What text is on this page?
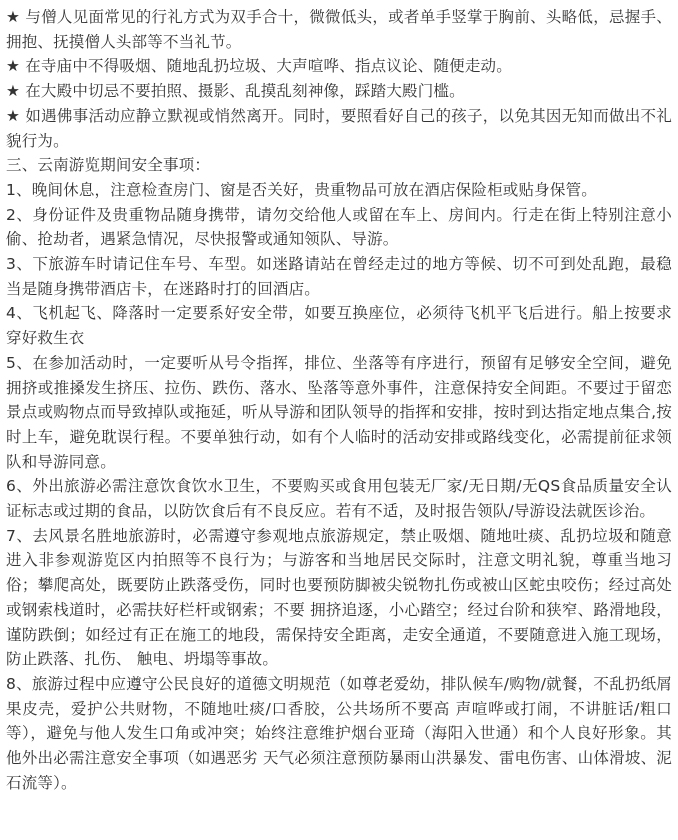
★ 与僧人见面常见的行礼方式为双手合十，微微低头，或者单手竖掌于胸前、头略低，忌握手、拥抱、抚摸僧人头部等不当礼节。

★ 在寺庙中不得吸烟、随地乱扔垃圾、大声喧哗、指点议论、随便走动。

★ 在大殿中切忌不要拍照、摄影、乱摸乱刻神像，踩踏大殿门槛。

★ 如遇佛事活动应静立默视或悄然离开。同时，要照看好自己的孩子，以免其因无知而做出不礼貌行为。

三、云南游览期间安全事项：

1、晚间休息，注意检查房门、窗是否关好，贵重物品可放在酒店保险柜或贴身保管。

2、身份证件及贵重物品随身携带，请勿交给他人或留在车上、房间内。行走在街上特别注意小偷、抢劫者，遇紧急情况，尽快报警或通知领队、导游。

3、下旅游车时请记住车号、车型。如迷路请站在曾经走过的地方等候、切不可到处乱跑，最稳当是随身携带酒店卡，在迷路时打的回酒店。

4、飞机起飞、降落时一定要系好安全带，如要互换座位，必须待飞机平飞后进行。船上按要求穿好救生衣

5、在参加活动时，一定要听从号令指挥，排位、坐落等有序进行，预留有足够安全空间，避免拥挤或推搡发生挤压、拉伤、跌伤、落水、坠落等意外事件，注意保持安全间距。不要过于留恋景点或购物点而导致掉队或拖延，听从导游和团队领导的指挥和安排，按时到达指定地点集合,按时上车，避免耽误行程。不要单独行动，如有个人临时的活动安排或路线变化，必需提前征求领队和导游同意。

6、外出旅游必需注意饮食饮水卫生，不要购买或食用包装无厂家/无日期/无QS食品质量安全认证标志或过期的食品，以防饮食后有不良反应。若有不适，及时报告领队/导游设法就医诊治。

7、去风景名胜地旅游时，必需遵守参观地点旅游规定，禁止吸烟、随地吐痰、乱扔垃圾和随意进入非参观游览区内拍照等不良行为；与游客和当地居民交际时，注意文明礼貌，尊重当地习俗；攀爬高处，既要防止跌落受伤，同时也要预防脚被尖锐物扎伤或被山区蛇虫咬伤；经过高处或钢索栈道时，必需扶好栏杆或钢索；不要 拥挤追逐，小心踏空；经过台阶和狭窄、路滑地段，谨防跌倒；如经过有正在施工的地段，需保持安全距离，走安全通道，不要随意进入施工现场，防止跌落、扎伤、 触电、坍塌等事故。

8、旅游过程中应遵守公民良好的道德文明规范（如尊老爱幼，排队候车/购物/就餐，不乱扔纸屑果皮壳，爱护公共财物，不随地吐痰/口香胶，公共场所不要高 声喧哗或打闹，不讲脏话/粗口等），避免与他人发生口角或冲突；始终注意维护烟台亚琦（海阳入世通）和个人良好形象。其他外出必需注意安全事项（如遇恶劣 天气必须注意预防暴雨山洪暴发、雷电伤害、山体滑坡、泥石流等）。
